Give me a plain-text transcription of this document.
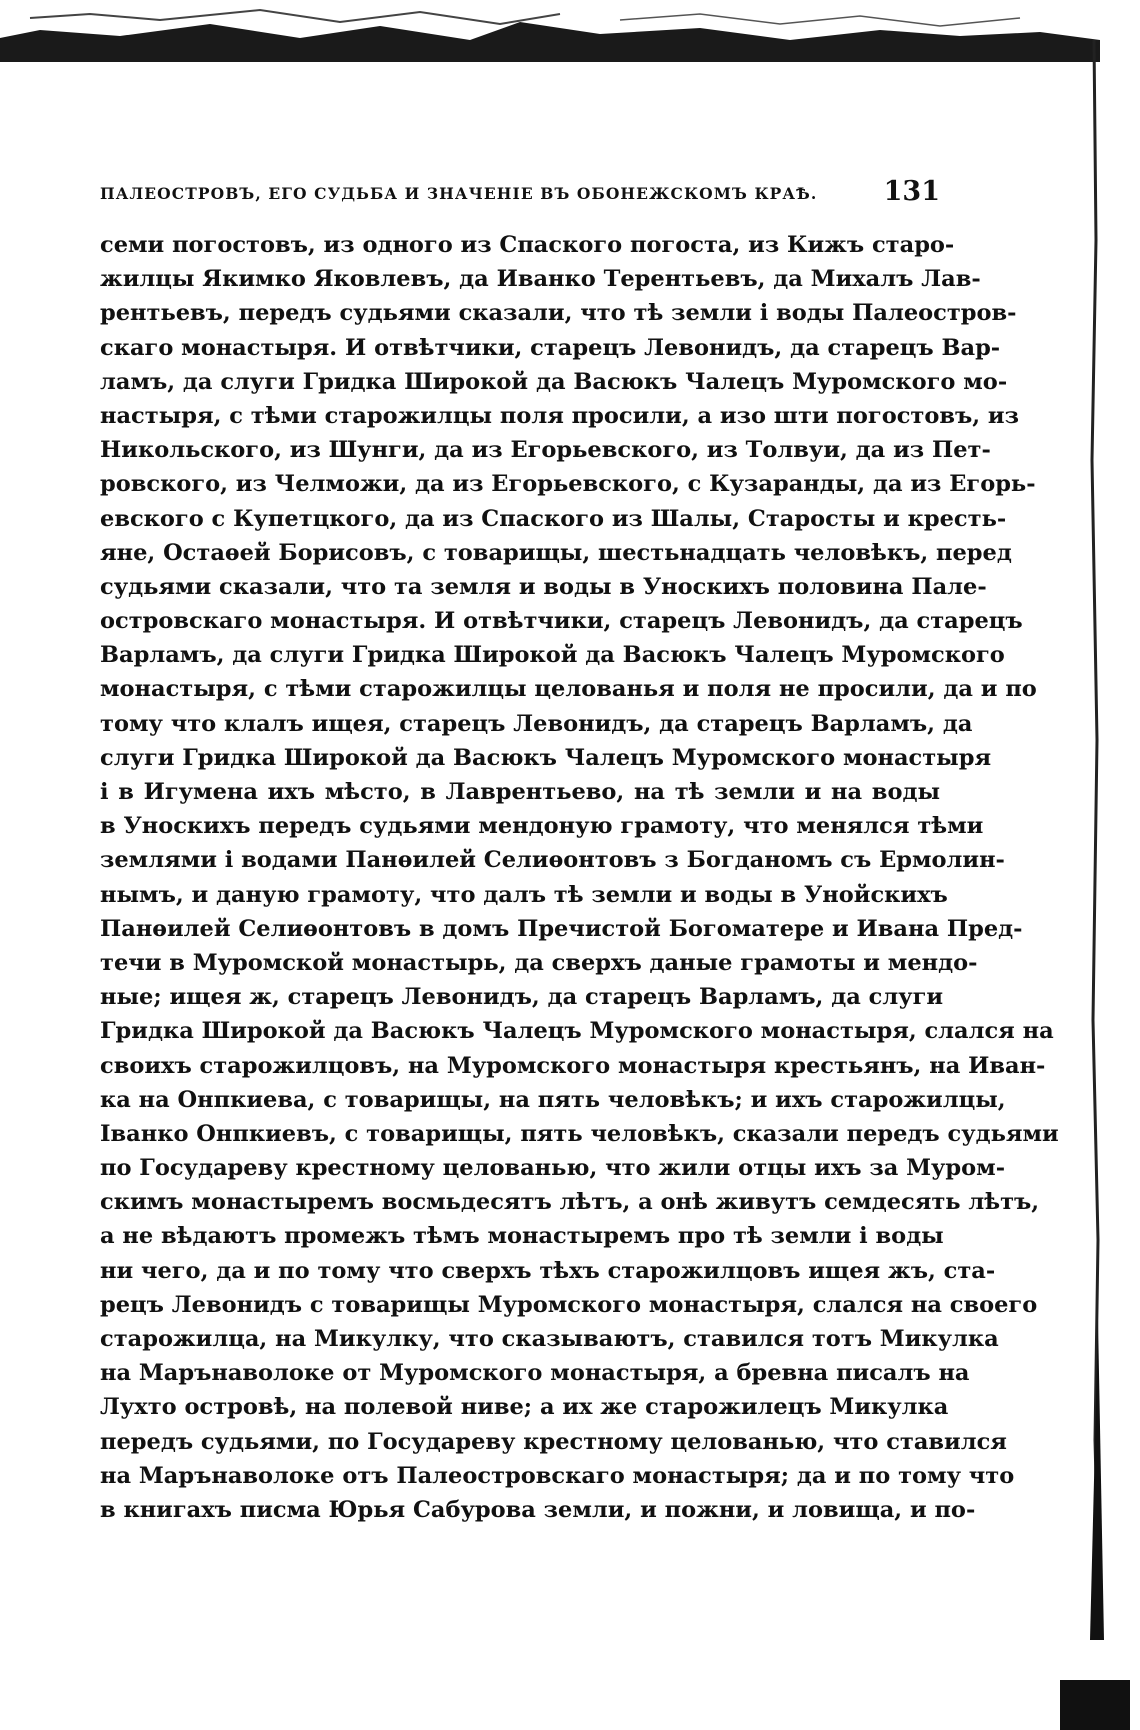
ПАЛЕОСТРОВЪ, ЕГО СУДЬБА И ЗНАЧЕНІЕ ВЪ ОБОНЕЖСКОМЪ КРАѢ. 131
семи погостовъ, из одного из Спаского погоста, из Кижъ старо-
жилцы Якимко Яковлевъ, да Иванко Терентьевъ, да Михалъ Лав-
рентьевъ, передъ судьями сказали, что тѣ земли і воды Палеостров-
скаго монастыря. И отвѣтчики, старецъ Левонидъ, да старецъ Вар-
ламъ, да слуги Гридка Широкой да Васюкъ Чалецъ Муромского мо-
настыря, с тѣми старожилцы поля просили, а изо шти погостовъ, из
Никольского, из Шунги, да из Егорьевского, из Толвуи, да из Пет-
ровского, из Челможи, да из Егорьевского, с Кузаранды, да из Егорь-
евского с Купетцкого, да из Спаского из Шалы, Старосты и кресть-
яне, Остаѳей Борисовъ, с товарищы, шестьнадцать человѣкъ, перед
судьями сказали, что та земля и воды в Уноскихъ половина Пале-
островскаго монастыря. И отвѣтчики, старецъ Левонидъ, да старецъ
Варламъ, да слуги Гридка Широкой да Васюкъ Чалецъ Муромского
монастыря, с тѣми старожилцы целованья и поля не просили, да и по
тому что клалъ ищея, старецъ Левонидъ, да старецъ Варламъ, да
слуги Гридка Широкой да Васюкъ Чалецъ Муромского монастыря
і в Игумена ихъ мѣсто, в Лаврентьево, на тѣ земли и на воды
в Уноскихъ передъ судьями мендоную грамоту, что менялся тѣми
землями і водами Панѳилей Селиѳонтовъ з Богданомъ съ Ермолин-
нымъ, и даную грамоту, что далъ тѣ земли и воды в Унойскихъ
Панѳилей Селиѳонтовъ в домъ Пречистой Богоматере и Ивана Пред-
течи в Муромской монастырь, да сверхъ даные грамоты и мендо-
ные; ищея ж, старецъ Левонидъ, да старецъ Варламъ, да слуги
Гридка Широкой да Васюкъ Чалецъ Муромского монастыря, слался на
своихъ старожилцовъ, на Муромского монастыря крестьянъ, на Иван-
ка на Онпкиева, с товарищы, на пять человѣкъ; и ихъ старожилцы,
Іванко Онпкиевъ, с товарищы, пять человѣкъ, сказали передъ судьями
по Государеву крестному целованью, что жили отцы ихъ за Муром-
скимъ монастыремъ восмьдесятъ лѣтъ, а онѣ живутъ семдесять лѣтъ,
а не вѣдаютъ промежъ тѣмъ монастыремъ про тѣ земли і воды
ни чего, да и по тому что сверхъ тѣхъ старожилцовъ ищея жъ, ста-
рецъ Левонидъ с товарищы Муромского монастыря, слался на своего
старожилца, на Микулку, что сказываютъ, ставился тотъ Микулка
на Марънаволоке от Муромского монастыря, а бревна писалъ на
Лухто островѣ, на полевой ниве; а их же старожилецъ Микулка
передъ судьями, по Государеву крестному целованью, что ставился
на Марънаволоке отъ Палеостровскаго монастыря; да и по тому что
в книгахъ писма Юрья Сабурова земли, и пожни, и ловища, и по-
